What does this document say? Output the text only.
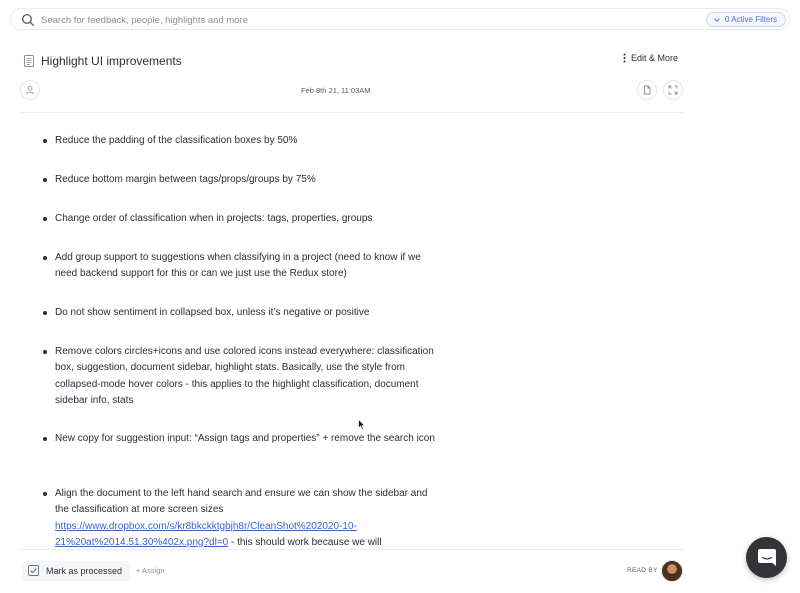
Search for feedback, people, highlights and more
0 Active Filters
Highlight UI improvements	Edit & More
Feb 8th 21, 11:03AM
Reduce the padding of the classification boxes by 50%
Reduce bottom margin between tags/props/groups by 75%
Change order of classification when in projects: tags, properties, groups
Add group support to suggestions when classifying in a project (need to know if we need backend support for this or can we just use the Redux store)
Do not show sentiment in collapsed box, unless it’s negative or positive
Remove colors circles+icons and use colored icons instead everywhere: classification box, suggestion, document sidebar, highlight stats. Basically, use the style from collapsed-mode hover colors - this applies to the highlight classification, document sidebar info, stats
New copy for suggestion input: “Assign tags and properties” + remove the search icon
Align the document to the left hand search and ensure we can show the sidebar and the classification at more screen sizes https://www.dropbox.com/s/kr8bkckktgbjh8r/CleanShot%202020-10-21%20at%2014.51.30%402x.png?dl=0 - this should work because we will
Mark as processed + Assign	READ BY
